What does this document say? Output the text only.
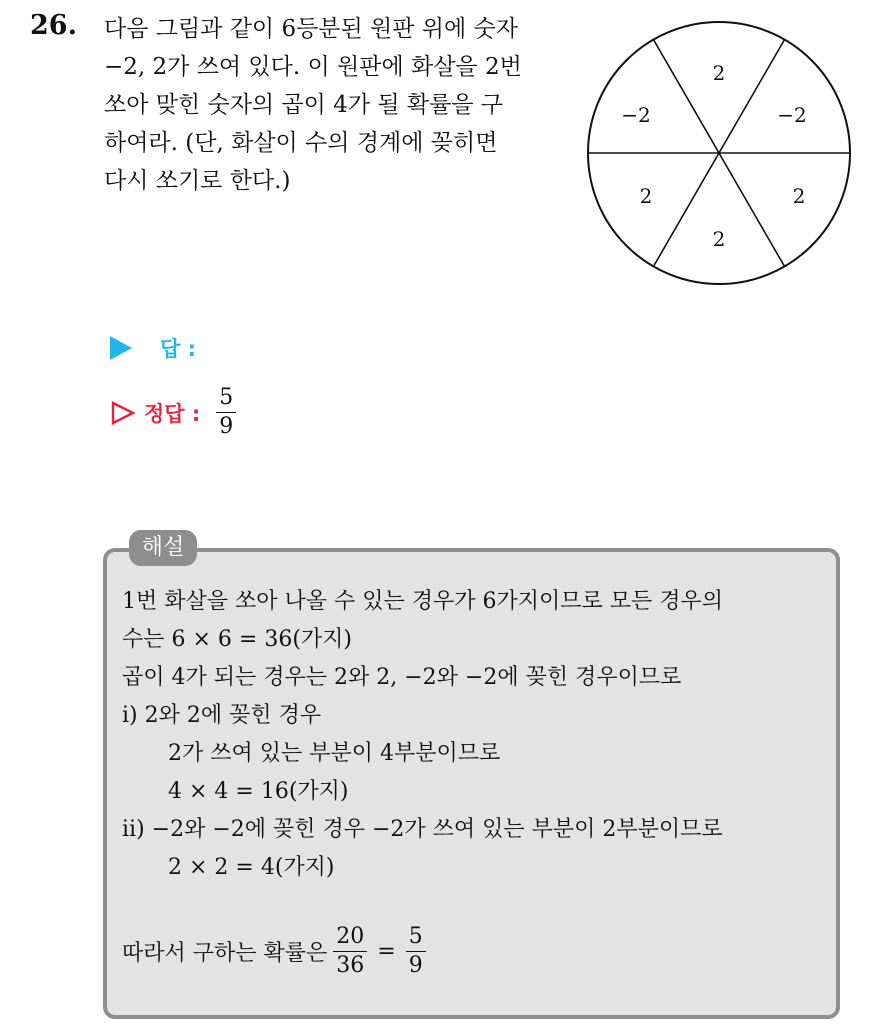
26. 다음 그림과 같이 6등분된 원판 위에 숫자
−2, 2가 쓰여 있다. 이 원판에 화살을 2번
쏘아 맞힌 숫자의 곱이 4가 될 확률을 구
하여라. (단, 화살이 수의 경계에 꽂히면
다시 쏘기로 한다.)
2
−2	−2
2	2
2
답 :
정답 : $\frac{5}{9}$
해설
1번 화살을 쏘아 나올 수 있는 경우가 6가지이므로 모든 경우의
수는 6 × 6 = 36(가지)
곱이 4가 되는 경우는 2와 2, −2와 −2에 꽂힌 경우이므로
ⅰ) 2와 2에 꽂힌 경우
2가 쓰여 있는 부분이 4부분이므로
4 × 4 = 16(가지)
ⅱ) −2와 −2에 꽂힌 경우 −2가 쓰여 있는 부분이 2부분이므로
2 × 2 = 4(가지)
따라서 구하는 확률은 $\frac{20}{36} = \frac{5}{9}$
